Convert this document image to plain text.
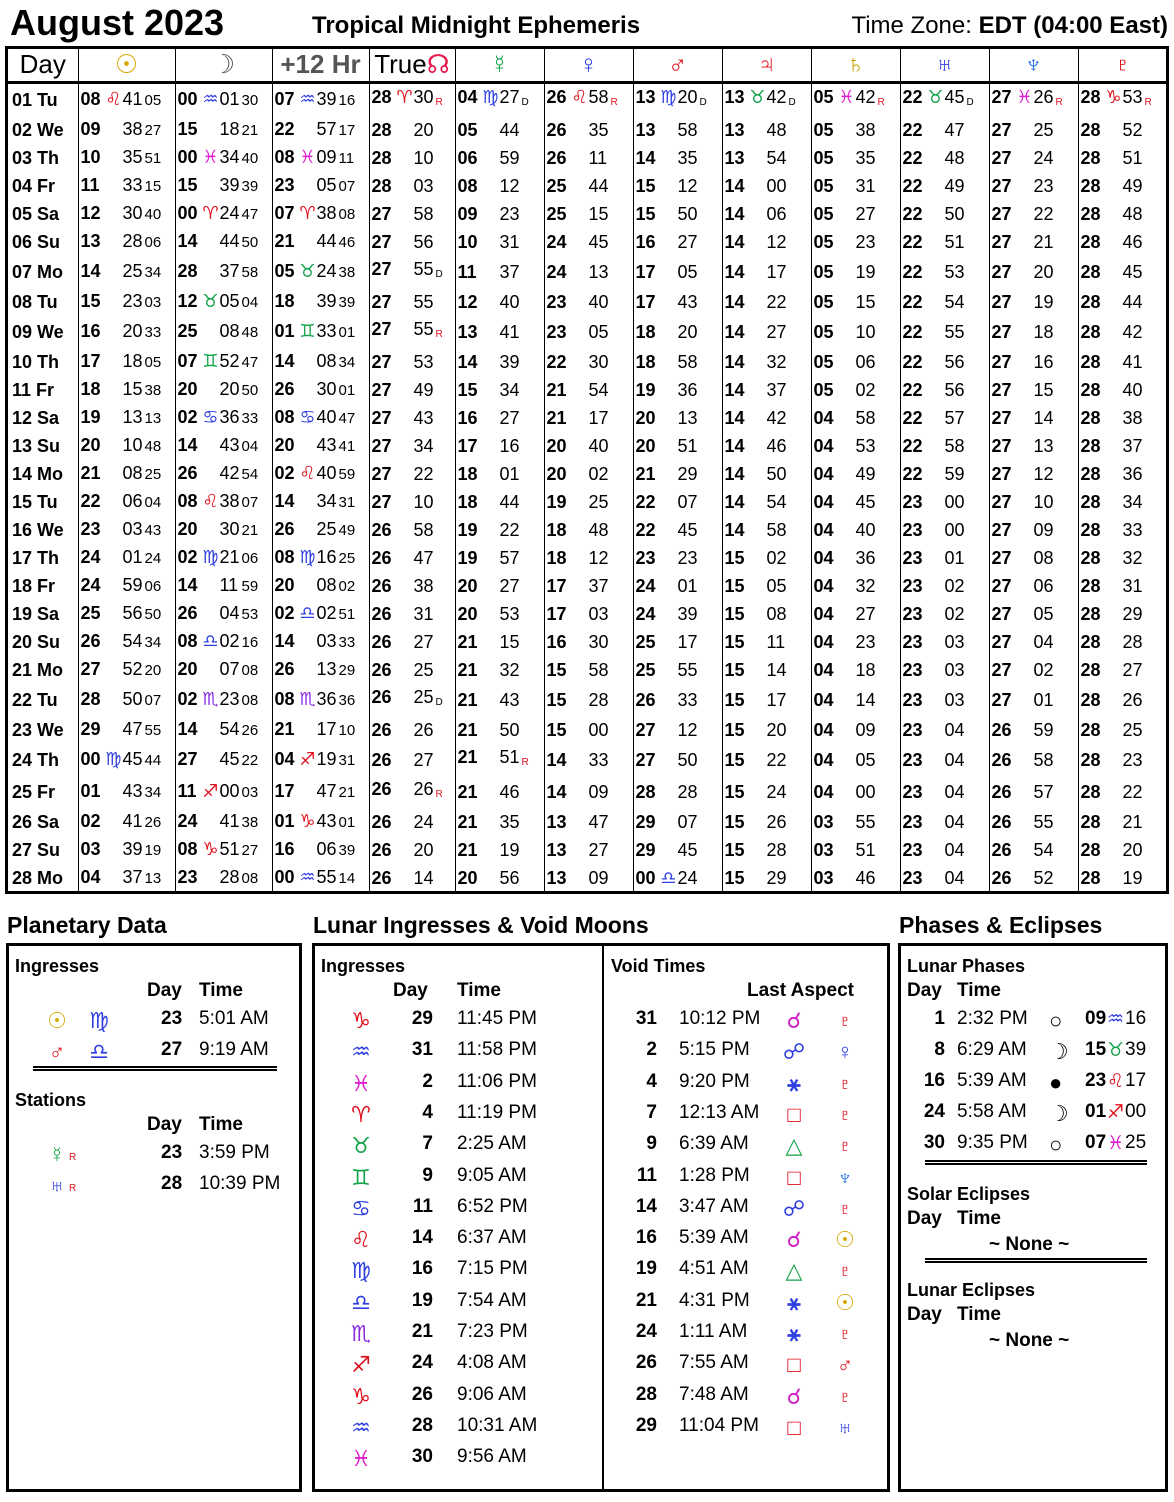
August 2023	Tropical Midnight Ephemeris	Time Zone: EDT (04:00 East)
Day	☉	☽	+12 Hr	True☊	☿	♀	♂	♃	♄	♅	♆	♇
01 Tu	08 ♌41 05	00 ♒01 30	07 ♒39 16	28 ♈30 R	04 ♍27 D	26 ♌58 R	13 ♍20 D	13 ♉42 D	05 ♓42 R	22 ♉45 D	27 ♓26 R	28 ♑53 R
02 We	09 38 27	15 18 21	22 57 17	28 20	05 44	26 35	13 58	13 48	05 38	22 47	27 25	28 52
03 Th	10 35 51	00 ♓34 40	08 ♓09 11	28 10	06 59	26 11	14 35	13 54	05 35	22 48	27 24	28 51
04 Fr	11 33 15	15 39 39	23 05 07	28 03	08 12	25 44	15 12	14 00	05 31	22 49	27 23	28 49
05 Sa	12 30 40	00 ♈24 47	07 ♈38 08	27 58	09 23	25 15	15 50	14 06	05 27	22 50	27 22	28 48
06 Su	13 28 06	14 44 50	21 44 46	27 56	10 31	24 45	16 27	14 12	05 23	22 51	27 21	28 46
07 Mo	14 25 34	28 37 58	05 ♉24 38	27 55 D	11 37	24 13	17 05	14 17	05 19	22 53	27 20	28 45
08 Tu	15 23 03	12 ♉05 04	18 39 39	27 55	12 40	23 40	17 43	14 22	05 15	22 54	27 19	28 44
09 We	16 20 33	25 08 48	01 ♊33 01	27 55 R	13 41	23 05	18 20	14 27	05 10	22 55	27 18	28 42
10 Th	17 18 05	07 ♊52 47	14 08 34	27 53	14 39	22 30	18 58	14 32	05 06	22 56	27 16	28 41
11 Fr	18 15 38	20 20 50	26 30 01	27 49	15 34	21 54	19 36	14 37	05 02	22 56	27 15	28 40
12 Sa	19 13 13	02 ♋36 33	08 ♋40 47	27 43	16 27	21 17	20 13	14 42	04 58	22 57	27 14	28 38
13 Su	20 10 48	14 43 04	20 43 41	27 34	17 16	20 40	20 51	14 46	04 53	22 58	27 13	28 37
14 Mo	21 08 25	26 42 54	02 ♌40 59	27 22	18 01	20 02	21 29	14 50	04 49	22 59	27 12	28 36
15 Tu	22 06 04	08 ♌38 07	14 34 31	27 10	18 44	19 25	22 07	14 54	04 45	23 00	27 10	28 34
16 We	23 03 43	20 30 21	26 25 49	26 58	19 22	18 48	22 45	14 58	04 40	23 00	27 09	28 33
17 Th	24 01 24	02 ♍21 06	08 ♍16 25	26 47	19 57	18 12	23 23	15 02	04 36	23 01	27 08	28 32
18 Fr	24 59 06	14 11 59	20 08 02	26 38	20 27	17 37	24 01	15 05	04 32	23 02	27 06	28 31
19 Sa	25 56 50	26 04 53	02 ♎02 51	26 31	20 53	17 03	24 39	15 08	04 27	23 02	27 05	28 29
20 Su	26 54 34	08 ♎02 16	14 03 33	26 27	21 15	16 30	25 17	15 11	04 23	23 03	27 04	28 28
21 Mo	27 52 20	20 07 08	26 13 29	26 25	21 32	15 58	25 55	15 14	04 18	23 03	27 02	28 27
22 Tu	28 50 07	02 ♏23 08	08 ♏36 36	26 25 D	21 43	15 28	26 33	15 17	04 14	23 03	27 01	28 26
23 We	29 47 55	14 54 26	21 17 10	26 26	21 50	15 00	27 12	15 20	04 09	23 04	26 59	28 25
24 Th	00 ♍45 44	27 45 22	04 ♐19 31	26 27	21 51 R	14 33	27 50	15 22	04 05	23 04	26 58	28 23
25 Fr	01 43 34	11 ♐00 03	17 47 21	26 26 R	21 46	14 09	28 28	15 24	04 00	23 04	26 57	28 22
26 Sa	02 41 26	24 41 38	01 ♑43 01	26 24	21 35	13 47	29 07	15 26	03 55	23 04	26 55	28 21
27 Su	03 39 19	08 ♑51 27	16 06 39	26 20	21 19	13 27	29 45	15 28	03 51	23 04	26 54	28 20
28 Mo	04 37 13	23 28 08	00 ♒55 14	26 14	20 56	13 09	00 ♎24	15 29	03 46	23 04	26 52	28 19

Planetary Data	Lunar Ingresses & Void Moons	Phases & Eclipses
Ingresses
Day Time
☉ ♍	23 5:01 AM
♂ ♎	27 9:19 AM
Stations
Day Time
☿ R	23 3:59 PM
♅ R	28 10:39 PM
Ingresses
Day Time
♑	29 11:45 PM
♒	31 11:58 PM
♓	2 11:06 PM
♈	4 11:19 PM
♉	7 2:25 AM
♊	9 9:05 AM
♋	11 6:52 PM
♌	14 6:37 AM
♍	16 7:15 PM
♎	19 7:54 AM
♏	21 7:23 PM
♐	24 4:08 AM
♑	26 9:06 AM
♒	28 10:31 AM
♓	30 9:56 AM
Void Times
Last Aspect
31 10:12 PM	☌	♇
2 5:15 PM ☍ ♀
4 9:20 PM	⚹	♇
7 12:13 AM	□	♇
9 6:39 AM △ ♇
11 1:28 PM	□	♆
14 3:47 AM ☍ ♇
16 5:39 AM	☌	☉
19 4:51 AM △ ♇
21 4:31 PM	⚹	☉
24 1:11 AM	⚹	♇
26 7:55 AM	□	♂
28 7:48 AM	☌	♇
29 11:04 PM	□	♅
Lunar Phases
Day Time
1 2:32 PM ○ 09 ♒ 16
8 6:29 AM ☽ 15 ♉ 39
16 5:39 AM ● 23 ♌ 17
24 5:58 AM ☽ 01 ♐ 00
30 9:35 PM ○ 07 ♓ 25
Solar Eclipses
Day Time
~ None ~
Lunar Eclipses
Day Time
~ None ~
